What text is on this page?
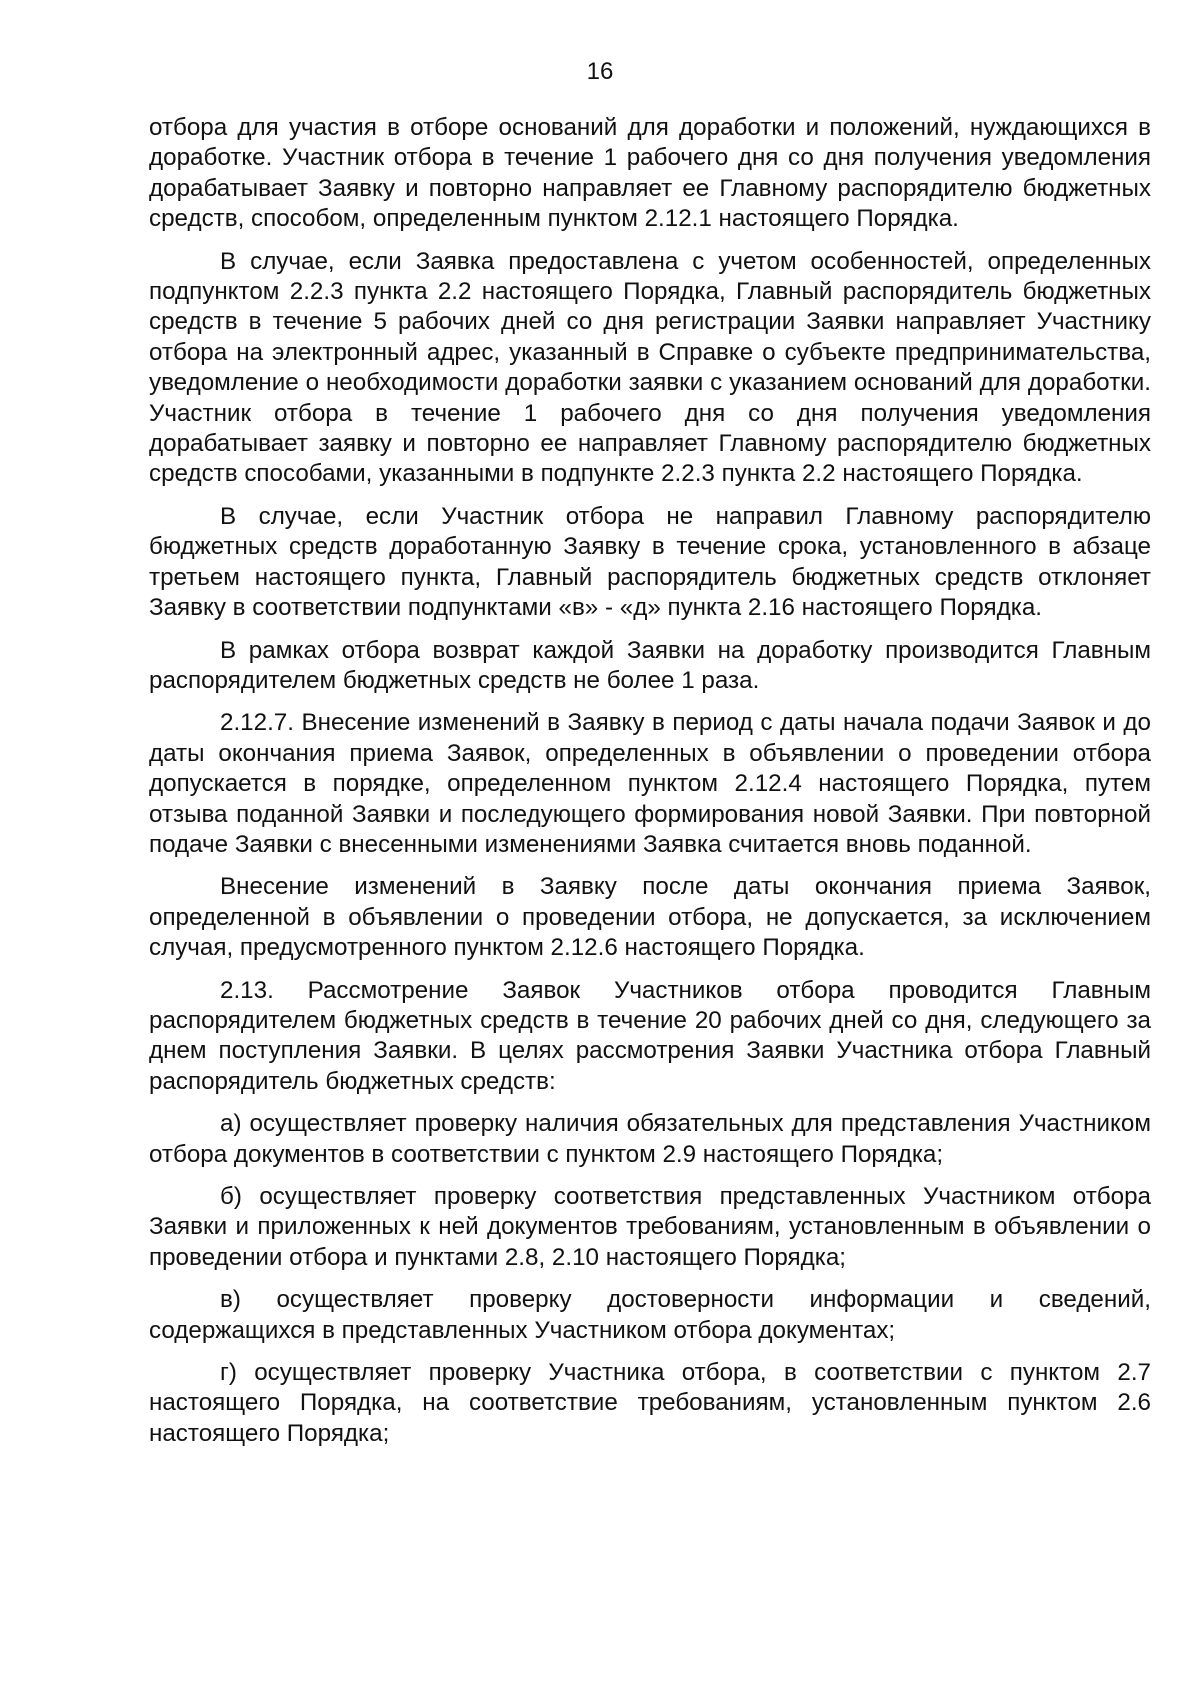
16

отбора для участия в отборе оснований для доработки и положений, нуждающихся в доработке. Участник отбора в течение 1 рабочего дня со дня получения уведомления дорабатывает Заявку и повторно направляет ее Главному распорядителю бюджетных средств, способом, определенным пунктом 2.12.1 настоящего Порядка.

В случае, если Заявка предоставлена с учетом особенностей, определенных подпунктом 2.2.3 пункта 2.2 настоящего Порядка, Главный распорядитель бюджетных средств в течение 5 рабочих дней со дня регистрации Заявки направляет Участнику отбора на электронный адрес, указанный в Справке о субъекте предпринимательства, уведомление о необходимости доработки заявки с указанием оснований для доработки. Участник отбора в течение 1 рабочего дня со дня получения уведомления дорабатывает заявку и повторно ее направляет Главному распорядителю бюджетных средств способами, указанными в подпункте 2.2.3 пункта 2.2 настоящего Порядка.

В случае, если Участник отбора не направил Главному распорядителю бюджетных средств доработанную Заявку в течение срока, установленного в абзаце третьем настоящего пункта, Главный распорядитель бюджетных средств отклоняет Заявку в соответствии подпунктами «в» - «д» пункта 2.16 настоящего Порядка.

В рамках отбора возврат каждой Заявки на доработку производится Главным распорядителем бюджетных средств не более 1 раза.

2.12.7. Внесение изменений в Заявку в период с даты начала подачи Заявок и до даты окончания приема Заявок, определенных в объявлении о проведении отбора допускается в порядке, определенном пунктом 2.12.4 настоящего Порядка, путем отзыва поданной Заявки и последующего формирования новой Заявки. При повторной подаче Заявки с внесенными изменениями Заявка считается вновь поданной.

Внесение изменений в Заявку после даты окончания приема Заявок, определенной в объявлении о проведении отбора, не допускается, за исключением случая, предусмотренного пунктом 2.12.6 настоящего Порядка.

2.13. Рассмотрение Заявок Участников отбора проводится Главным распорядителем бюджетных средств в течение 20 рабочих дней со дня, следующего за днем поступления Заявки. В целях рассмотрения Заявки Участника отбора Главный распорядитель бюджетных средств:

а) осуществляет проверку наличия обязательных для представления Участником отбора документов в соответствии с пунктом 2.9 настоящего Порядка;

б) осуществляет проверку соответствия представленных Участником отбора Заявки и приложенных к ней документов требованиям, установленным в объявлении о проведении отбора и пунктами 2.8, 2.10 настоящего Порядка;

в) осуществляет проверку достоверности информации и сведений, содержащихся в представленных Участником отбора документах;

г) осуществляет проверку Участника отбора, в соответствии с пунктом 2.7 настоящего Порядка, на соответствие требованиям, установленным пунктом 2.6 настоящего Порядка;
